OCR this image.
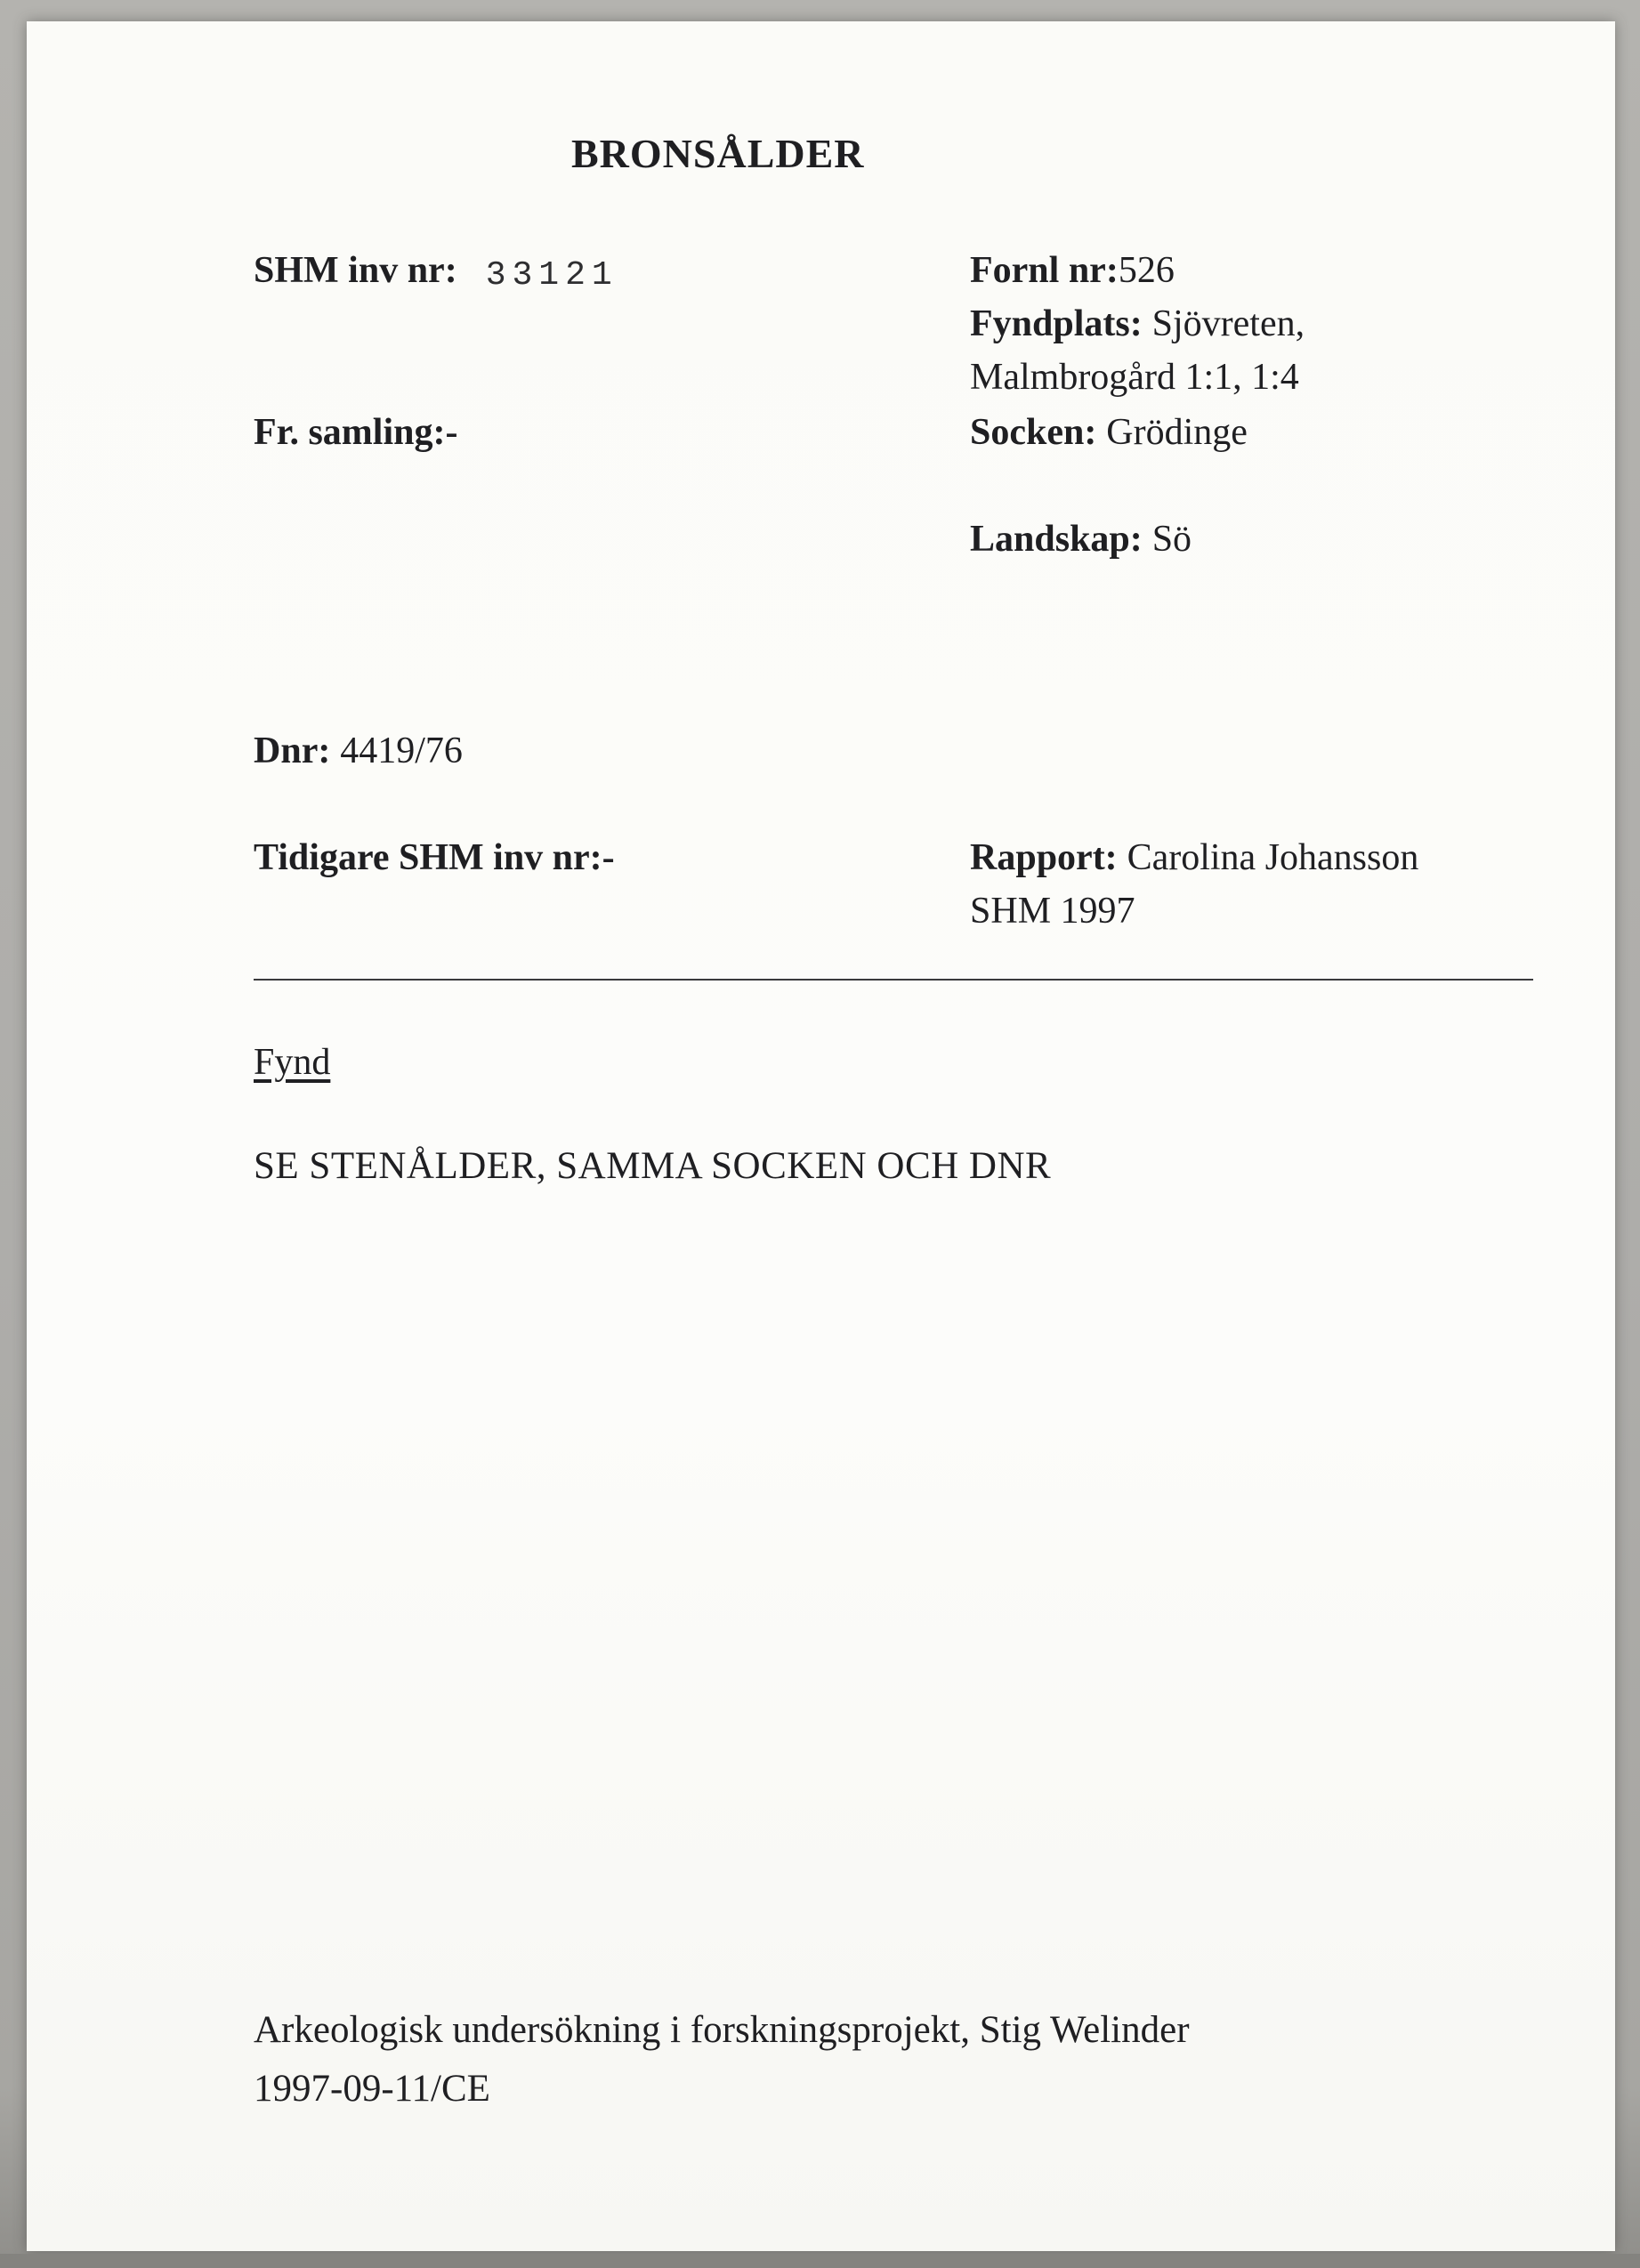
BRONSÅLDER
SHM inv nr: 33121
Fr. samling:-
Dnr: 4419/76
Tidigare SHM inv nr:-
Fornl nr:526
Fyndplats: Sjövreten,
Malmbrogård 1:1, 1:4
Socken: Grödinge
Landskap: Sö
Rapport: Carolina Johansson
SHM 1997
Fynd
SE STENÅLDER, SAMMA SOCKEN OCH DNR
Arkeologisk undersökning i forskningsprojekt, Stig Welinder
1997-09-11/CE
